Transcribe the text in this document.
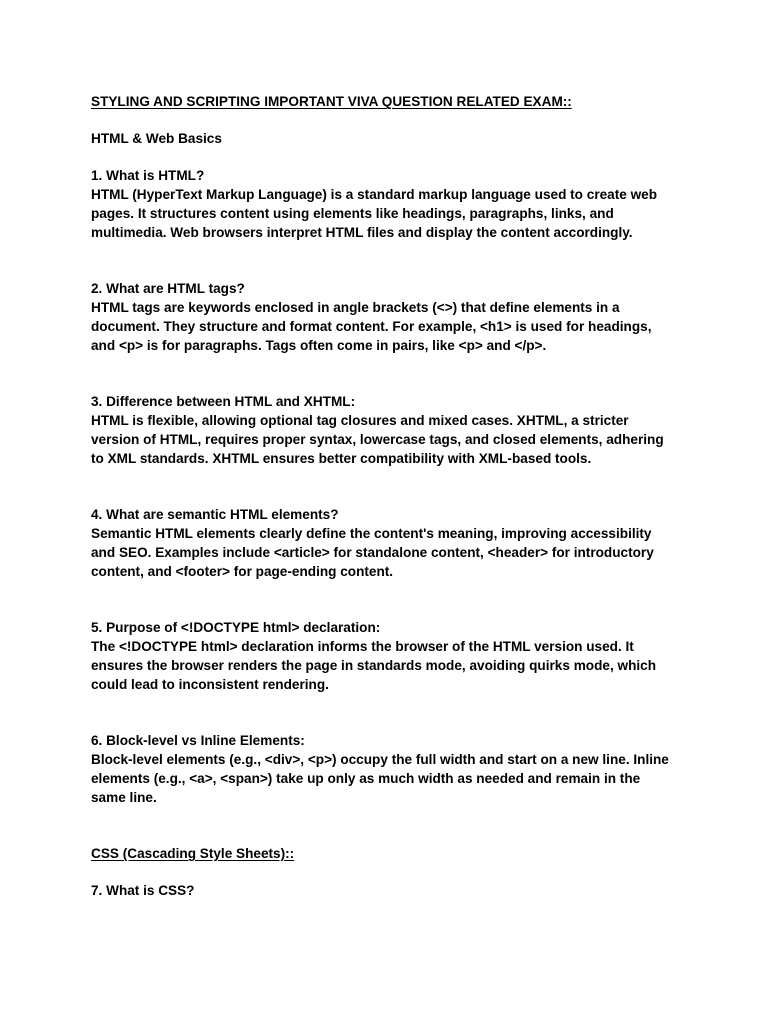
STYLING AND SCRIPTING IMPORTANT VIVA QUESTION RELATED EXAM::
HTML & Web Basics
1. What is HTML?
HTML (HyperText Markup Language) is a standard markup language used to create web
pages. It structures content using elements like headings, paragraphs, links, and
multimedia. Web browsers interpret HTML files and display the content accordingly.
2. What are HTML tags?
HTML tags are keywords enclosed in angle brackets (<>) that define elements in a
document. They structure and format content. For example, <h1> is used for headings,
and <p> is for paragraphs. Tags often come in pairs, like <p> and </p>.
3. Difference between HTML and XHTML:
HTML is flexible, allowing optional tag closures and mixed cases. XHTML, a stricter
version of HTML, requires proper syntax, lowercase tags, and closed elements, adhering
to XML standards. XHTML ensures better compatibility with XML-based tools.
4. What are semantic HTML elements?
Semantic HTML elements clearly define the content's meaning, improving accessibility
and SEO. Examples include <article> for standalone content, <header> for introductory
content, and <footer> for page-ending content.
5. Purpose of <!DOCTYPE html> declaration:
The <!DOCTYPE html> declaration informs the browser of the HTML version used. It
ensures the browser renders the page in standards mode, avoiding quirks mode, which
could lead to inconsistent rendering.
6. Block-level vs Inline Elements:
Block-level elements (e.g., <div>, <p>) occupy the full width and start on a new line. Inline
elements (e.g., <a>, <span>) take up only as much width as needed and remain in the
same line.
CSS (Cascading Style Sheets)::
7. What is CSS?
